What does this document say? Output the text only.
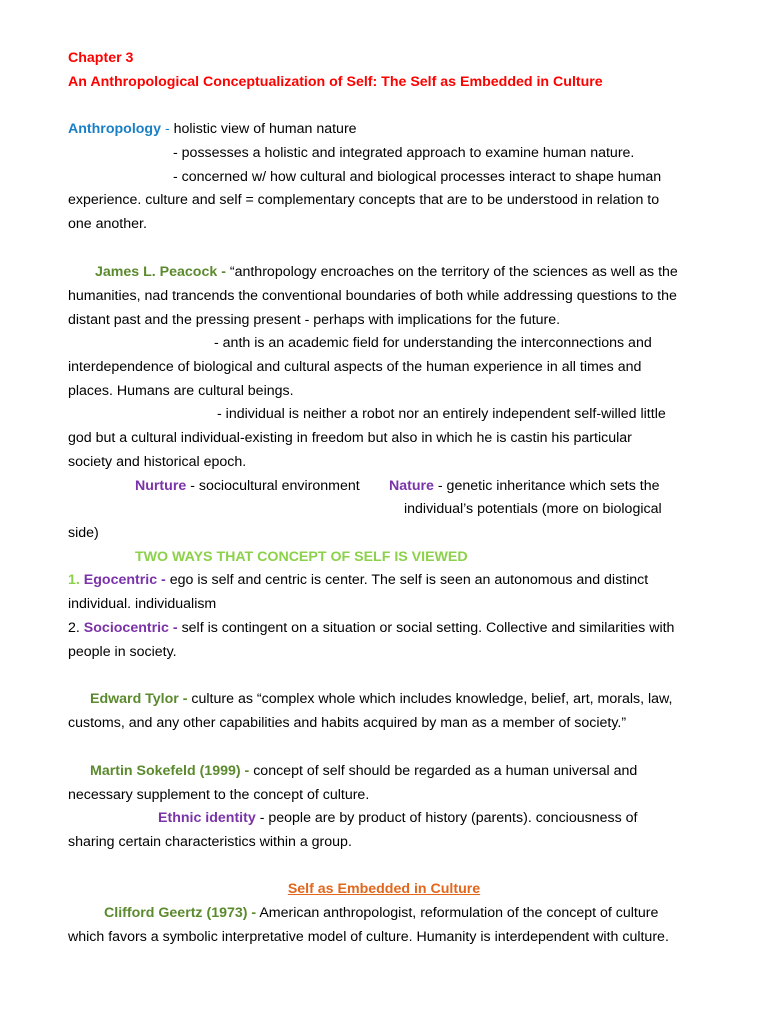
Chapter 3
An Anthropological Conceptualization of Self: The Self as Embedded in Culture
Anthropology - holistic view of human nature
- possesses a holistic and integrated approach to examine human nature.
- concerned w/ how cultural and biological processes interact to shape human
experience. culture and self = complementary concepts that are to be understood in relation to
one another.
James L. Peacock - “anthropology encroaches on the territory of the sciences as well as the
humanities, nad trancends the conventional boundaries of both while addressing questions to the
distant past and the pressing present - perhaps with implications for the future.
- anth is an academic field for understanding the interconnections and
interdependence of biological and cultural aspects of the human experience in all times and
places. Humans are cultural beings.
- individual is neither a robot nor an entirely independent self-willed little
god but a cultural individual-existing in freedom but also in which he is castin his particular
society and historical epoch.
Nurture - sociocultural environment Nature - genetic inheritance which sets the
individual’s potentials (more on biological
side)
TWO WAYS THAT CONCEPT OF SELF IS VIEWED
1. Egocentric - ego is self and centric is center. The self is seen an autonomous and distinct
individual. individualism
2. Sociocentric - self is contingent on a situation or social setting. Collective and similarities with
people in society.
Edward Tylor - culture as “complex whole which includes knowledge, belief, art, morals, law,
customs, and any other capabilities and habits acquired by man as a member of society.”
Martin Sokefeld (1999) - concept of self should be regarded as a human universal and
necessary supplement to the concept of culture.
Ethnic identity - people are by product of history (parents). conciousness of
sharing certain characteristics within a group.
Self as Embedded in Culture
Clifford Geertz (1973) - American anthropologist, reformulation of the concept of culture
which favors a symbolic interpretative model of culture. Humanity is interdependent with culture.
